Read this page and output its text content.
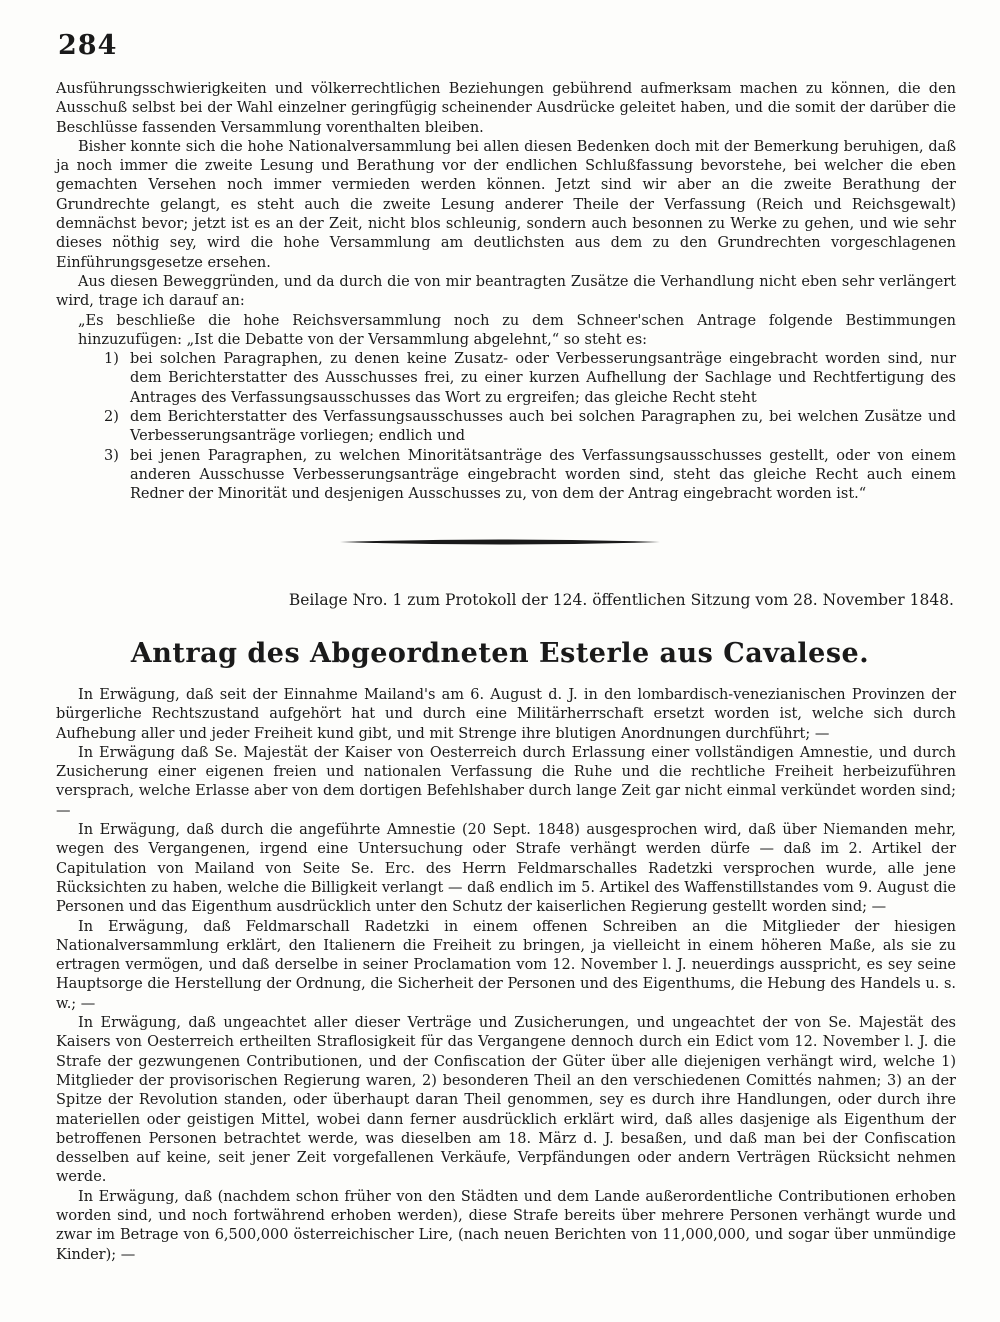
284

Ausführungsschwierigkeiten und völkerrechtlichen Beziehungen gebührend aufmerksam machen zu können, die den Ausschuß selbst bei der Wahl einzelner geringfügig scheinender Ausdrücke geleitet haben, und die somit der darüber die Beschlüsse fassenden Versammlung vorenthalten bleiben.

Bisher konnte sich die hohe Nationalversammlung bei allen diesen Bedenken doch mit der Bemerkung beruhigen, daß ja noch immer die zweite Lesung und Berathung vor der endlichen Schlußfassung bevorstehe, bei welcher die eben gemachten Versehen noch immer vermieden werden können. Jetzt sind wir aber an die zweite Berathung der Grundrechte gelangt, es steht auch die zweite Lesung anderer Theile der Verfassung (Reich und Reichsgewalt) demnächst bevor; jetzt ist es an der Zeit, nicht blos schleunig, sondern auch besonnen zu Werke zu gehen, und wie sehr dieses nöthig sey, wird die hohe Versammlung am deutlichsten aus dem zu den Grundrechten vorgeschlagenen Einführungsgesetze ersehen.

Aus diesen Beweggründen, und da durch die von mir beantragten Zusätze die Verhandlung nicht eben sehr verlängert wird, trage ich darauf an:

„Es beschließe die hohe Reichsversammlung noch zu dem Schneer'schen Antrage folgende Bestimmungen hinzuzufügen: „Ist die Debatte von der Versammlung abgelehnt,“ so steht es:

1) bei solchen Paragraphen, zu denen keine Zusatz- oder Verbesserungsanträge eingebracht worden sind, nur dem Berichterstatter des Ausschusses frei, zu einer kurzen Aufhellung der Sachlage und Rechtfertigung des Antrages des Verfassungsausschusses das Wort zu ergreifen; das gleiche Recht steht
2) dem Berichterstatter des Verfassungsausschusses auch bei solchen Paragraphen zu, bei welchen Zusätze und Verbesserungsanträge vorliegen; endlich und
3) bei jenen Paragraphen, zu welchen Minoritätsanträge des Verfassungsausschusses gestellt, oder von einem anderen Ausschusse Verbesserungsanträge eingebracht worden sind, steht das gleiche Recht auch einem Redner der Minorität und desjenigen Ausschusses zu, von dem der Antrag eingebracht worden ist.“
Beilage Nro. 1 zum Protokoll der 124. öffentlichen Sitzung vom 28. November 1848.
Antrag des Abgeordneten Esterle aus Cavalese.

In Erwägung, daß seit der Einnahme Mailand's am 6. August d. J. in den lombardisch-venezianischen Provinzen der bürgerliche Rechtszustand aufgehört hat und durch eine Militärherrschaft ersetzt worden ist, welche sich durch Aufhebung aller und jeder Freiheit kund gibt, und mit Strenge ihre blutigen Anordnungen durchführt; —

In Erwägung daß Se. Majestät der Kaiser von Oesterreich durch Erlassung einer vollständigen Amnestie, und durch Zusicherung einer eigenen freien und nationalen Verfassung die Ruhe und die rechtliche Freiheit herbeizuführen versprach, welche Erlasse aber von dem dortigen Befehlshaber durch lange Zeit gar nicht einmal verkündet worden sind; —

In Erwägung, daß durch die angeführte Amnestie (20 Sept. 1848) ausgesprochen wird, daß über Niemanden mehr, wegen des Vergangenen, irgend eine Untersuchung oder Strafe verhängt werden dürfe — daß im 2. Artikel der Capitulation von Mailand von Seite Se. Erc. des Herrn Feldmarschalles Radetzki versprochen wurde, alle jene Rücksichten zu haben, welche die Billigkeit verlangt — daß endlich im 5. Artikel des Waffenstillstandes vom 9. August die Personen und das Eigenthum ausdrücklich unter den Schutz der kaiserlichen Regierung gestellt worden sind; —

In Erwägung, daß Feldmarschall Radetzki in einem offenen Schreiben an die Mitglieder der hiesigen Nationalversammlung erklärt, den Italienern die Freiheit zu bringen, ja vielleicht in einem höheren Maße, als sie zu ertragen vermögen, und daß derselbe in seiner Proclamation vom 12. November l. J. neuerdings ausspricht, es sey seine Hauptsorge die Herstellung der Ordnung, die Sicherheit der Personen und des Eigenthums, die Hebung des Handels u. s. w.; —

In Erwägung, daß ungeachtet aller dieser Verträge und Zusicherungen, und ungeachtet der von Se. Majestät des Kaisers von Oesterreich ertheilten Straflosigkeit für das Vergangene dennoch durch ein Edict vom 12. November l. J. die Strafe der gezwungenen Contributionen, und der Confiscation der Güter über alle diejenigen verhängt wird, welche 1) Mitglieder der provisorischen Regierung waren, 2) besonderen Theil an den verschiedenen Comittés nahmen; 3) an der Spitze der Revolution standen, oder überhaupt daran Theil genommen, sey es durch ihre Handlungen, oder durch ihre materiellen oder geistigen Mittel, wobei dann ferner ausdrücklich erklärt wird, daß alles dasjenige als Eigenthum der betroffenen Personen betrachtet werde, was dieselben am 18. März d. J. besaßen, und daß man bei der Confiscation desselben auf keine, seit jener Zeit vorgefallenen Verkäufe, Verpfändungen oder andern Verträgen Rücksicht nehmen werde.

In Erwägung, daß (nachdem schon früher von den Städten und dem Lande außerordentliche Contributionen erhoben worden sind, und noch fortwährend erhoben werden), diese Strafe bereits über mehrere Personen verhängt wurde und zwar im Betrage von 6,500,000 österreichischer Lire, (nach neuen Berichten von 11,000,000, und sogar über unmündige Kinder); —
